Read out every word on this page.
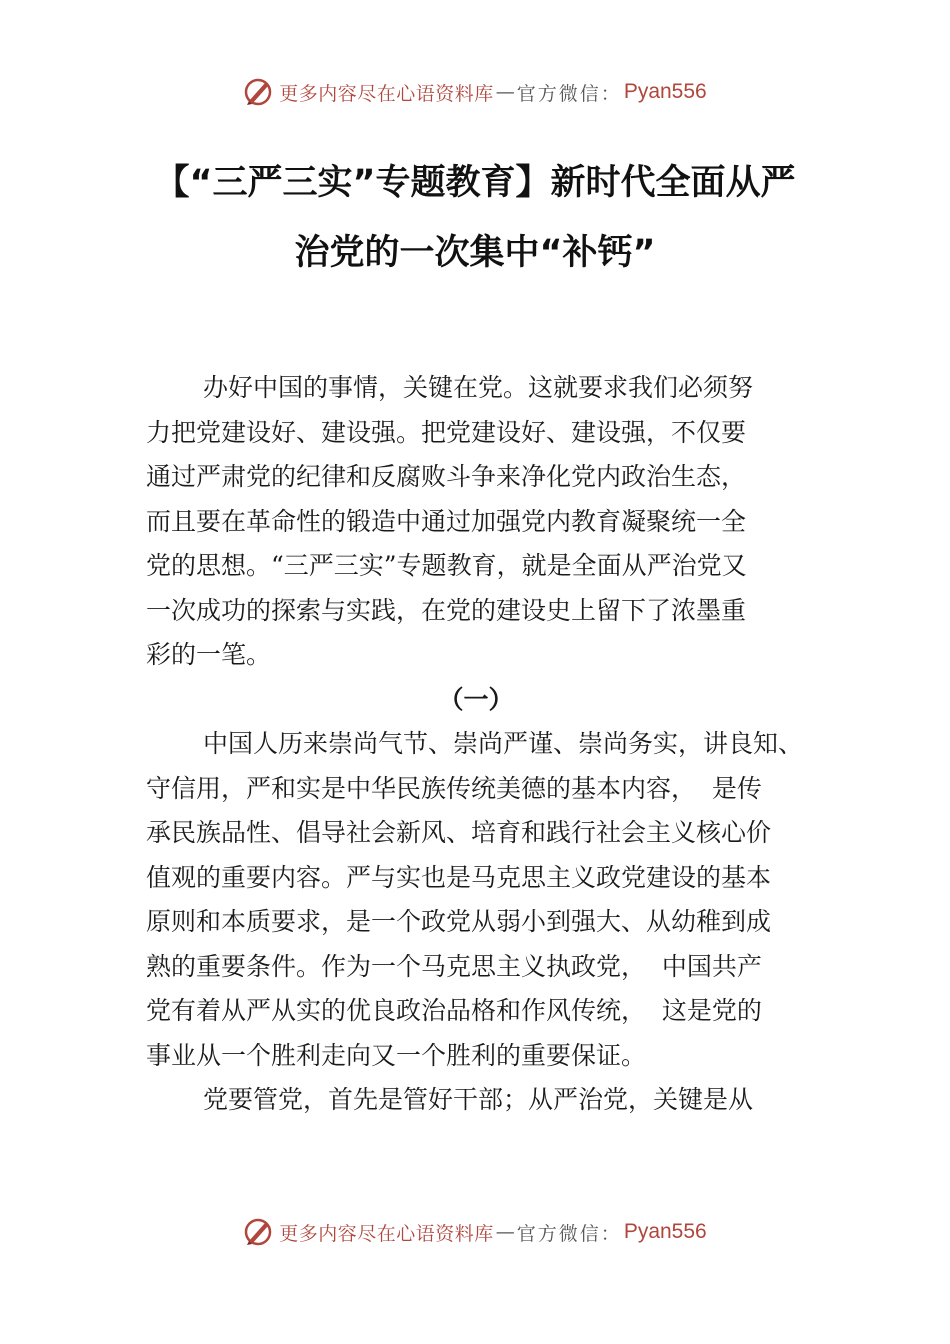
更多内容尽在心语资料库 — 官方微信： Pyan556
【“三严三实”专题教育】新时代全面从严
治党的一次集中“补钙”
办好中国的事情，关键在党。这就要求我们必须努
力把党建设好、建设强。把党建设好、建设强，不仅要
通过严肃党的纪律和反腐败斗争来净化党内政治生态，
而且要在革命性的锻造中通过加强党内教育凝聚统一全
党的思想。“三严三实”专题教育，就是全面从严治党又
一次成功的探索与实践，在党的建设史上留下了浓墨重
彩的一笔。
（一）
中国人历来崇尚气节、崇尚严谨、崇尚务实，讲良知、
守信用，严和实是中华民族传统美德的基本内容，  是传
承民族品性、倡导社会新风、培育和践行社会主义核心价
值观的重要内容。严与实也是马克思主义政党建设的基本
原则和本质要求，是一个政党从弱小到强大、从幼稚到成
熟的重要条件。作为一个马克思主义执政党，  中国共产
党有着从严从实的优良政治品格和作风传统，  这是党的
事业从一个胜利走向又一个胜利的重要保证。
党要管党，首先是管好干部；从严治党，关键是从
更多内容尽在心语资料库 — 官方微信： Pyan556
